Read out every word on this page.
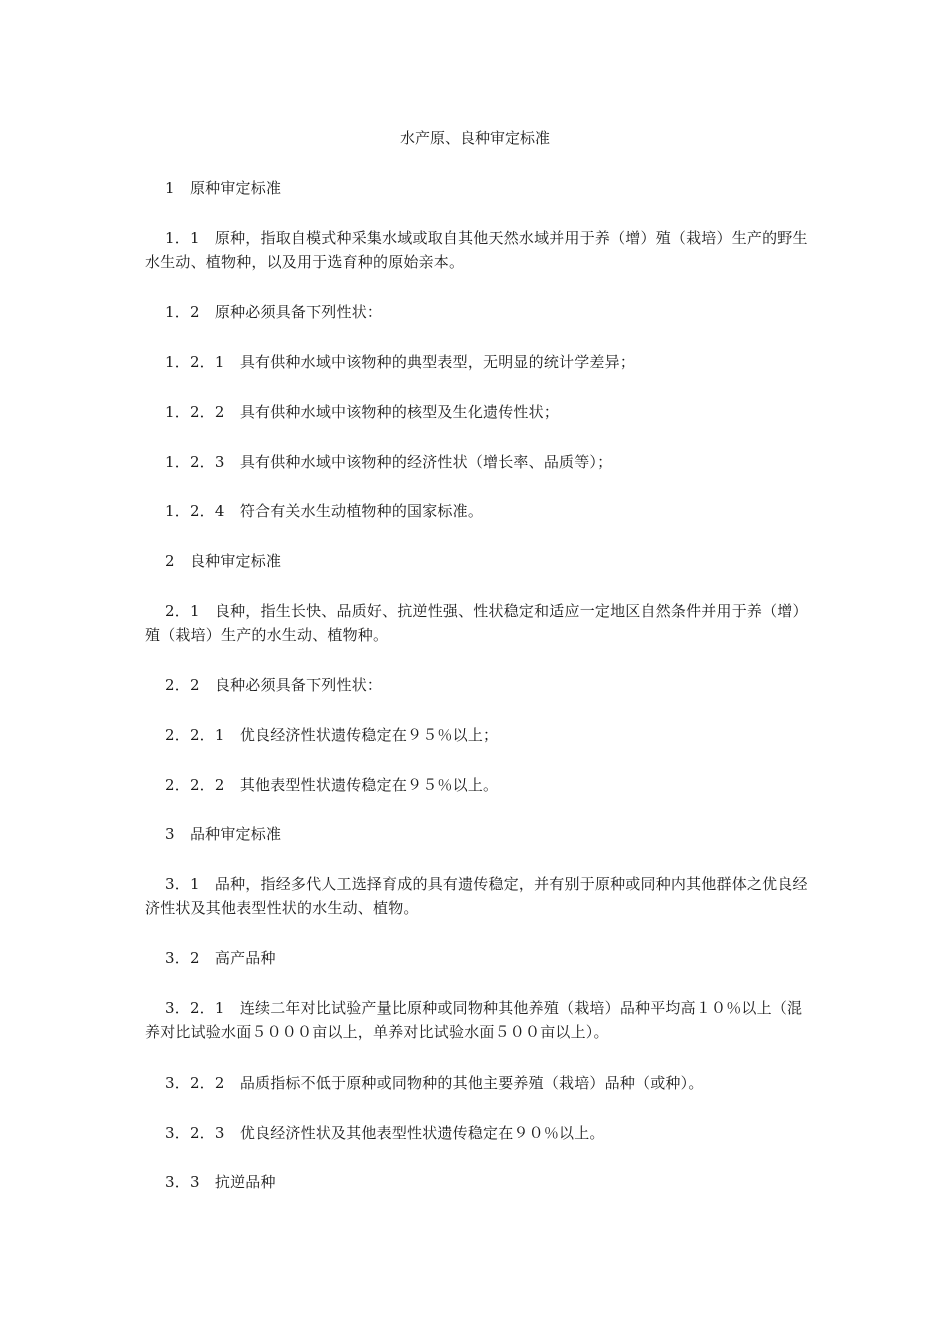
水产原、良种审定标准
1　原种审定标准
1．1　原种，指取自模式种采集水域或取自其他天然水域并用于养（增）殖（栽培）生产的野生水生动、植物种，以及用于选育种的原始亲本。
1．2　原种必须具备下列性状：
1．2．1　具有供种水域中该物种的典型表型，无明显的统计学差异；
1．2．2　具有供种水域中该物种的核型及生化遗传性状；
1．2．3　具有供种水域中该物种的经济性状（增长率、品质等）；
1．2．4　符合有关水生动植物种的国家标准。
2　良种审定标准
2．1　良种，指生长快、品质好、抗逆性强、性状稳定和适应一定地区自然条件并用于养（增）殖（栽培）生产的水生动、植物种。
2．2　良种必须具备下列性状：
2．2．1　优良经济性状遗传稳定在９５％以上；
2．2．2　其他表型性状遗传稳定在９５％以上。
3　品种审定标准
3．1　品种，指经多代人工选择育成的具有遗传稳定，并有别于原种或同种内其他群体之优良经济性状及其他表型性状的水生动、植物。
3．2　高产品种
3．2．1　连续二年对比试验产量比原种或同物种其他养殖（栽培）品种平均高１０％以上（混养对比试验水面５０００亩以上，单养对比试验水面５００亩以上）。
3．2．2　品质指标不低于原种或同物种的其他主要养殖（栽培）品种（或种）。
3．2．3　优良经济性状及其他表型性状遗传稳定在９０％以上。
3．3　抗逆品种
